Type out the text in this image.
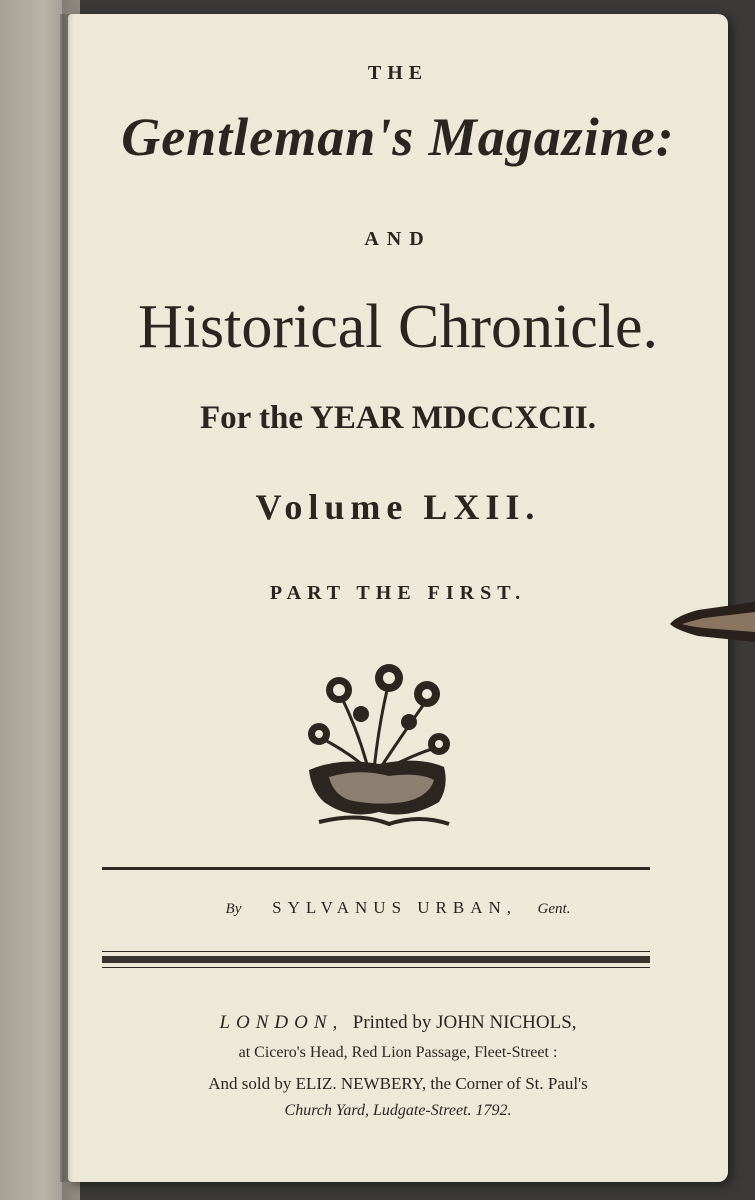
THE
Gentleman's Magazine:
AND
Historical Chronicle.
For the YEAR MDCCXCII.
Volume LXII.
PART THE FIRST.
By SYLVANUS URBAN, Gent.
LONDON, Printed by JOHN NICHOLS,
at Cicero's Head, Red Lion Passage, Fleet-Street :
And sold by ELIZ. NEWBERY, the Corner of St. Paul's
Church Yard, Ludgate-Street. 1792.
